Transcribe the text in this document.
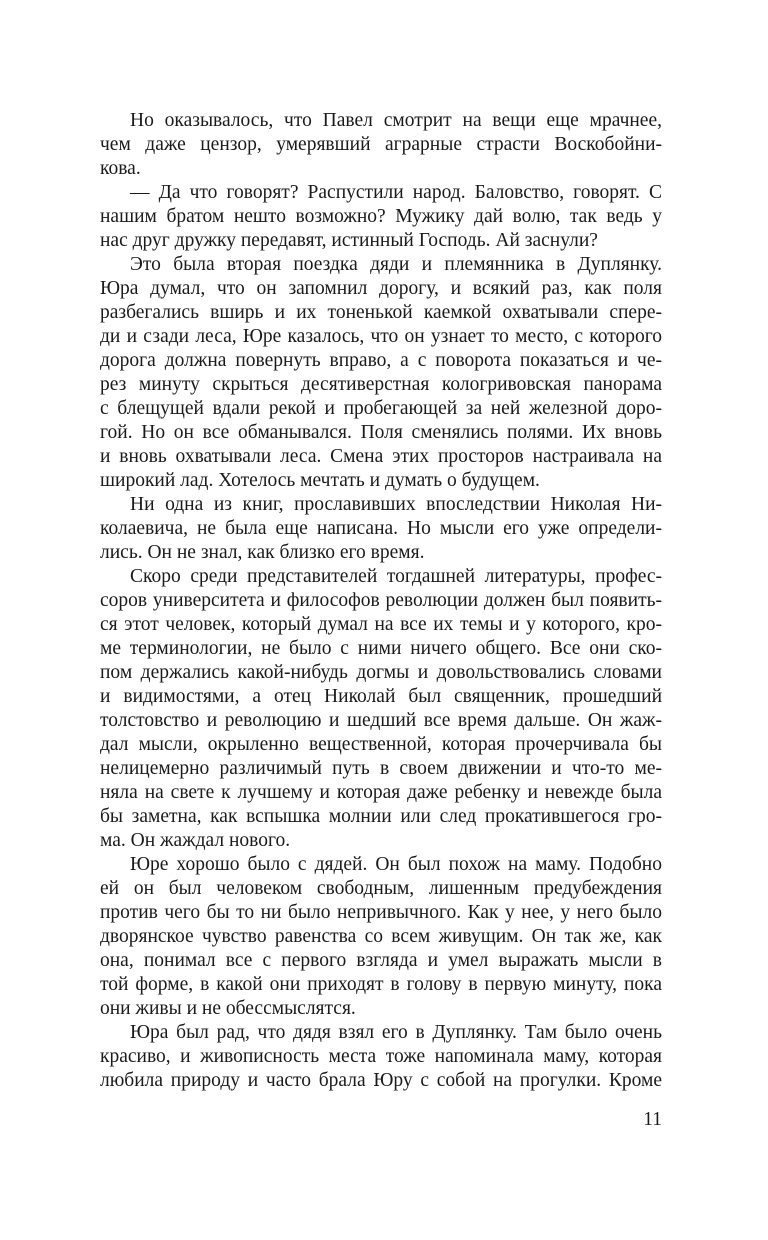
Но оказывалось, что Павел смотрит на вещи еще мрачнее,
чем даже цензор, умерявший аграрные страсти Воскобойни-
кова.
— Да что говорят? Распустили народ. Баловство, говорят. С
нашим братом нешто возможно? Мужику дай волю, так ведь у
нас друг дружку передавят, истинный Господь. Ай заснули?
Это была вторая поездка дяди и племянника в Дуплянку.
Юра думал, что он запомнил дорогу, и всякий раз, как поля
разбегались вширь и их тоненькой каемкой охватывали спере-
ди и сзади леса, Юре казалось, что он узнает то место, с которого
дорога должна повернуть вправо, а с поворота показаться и че-
рез минуту скрыться десятиверстная кологривовская панорама
с блещущей вдали рекой и пробегающей за ней железной доро-
гой. Но он все обманывался. Поля сменялись полями. Их вновь
и вновь охватывали леса. Смена этих просторов настраивала на
широкий лад. Хотелось мечтать и думать о будущем.
Ни одна из книг, прославивших впоследствии Николая Ни-
колаевича, не была еще написана. Но мысли его уже определи-
лись. Он не знал, как близко его время.
Скоро среди представителей тогдашней литературы, профес-
соров университета и философов революции должен был появить-
ся этот человек, который думал на все их темы и у которого, кро-
ме терминологии, не было с ними ничего общего. Все они ско-
пом держались какой-нибудь догмы и довольствовались словами
и видимостями, а отец Николай был священник, прошедший
толстовство и революцию и шедший все время дальше. Он жаж-
дал мысли, окрыленно вещественной, которая прочерчивала бы
нелицемерно различимый путь в своем движении и что-то ме-
няла на свете к лучшему и которая даже ребенку и невежде была
бы заметна, как вспышка молнии или след прокатившегося гро-
ма. Он жаждал нового.
Юре хорошо было с дядей. Он был похож на маму. Подобно
ей он был человеком свободным, лишенным предубеждения
против чего бы то ни было непривычного. Как у нее, у него было
дворянское чувство равенства со всем живущим. Он так же, как
она, понимал все с первого взгляда и умел выражать мысли в
той форме, в какой они приходят в голову в первую минуту, пока
они живы и не обессмыслятся.
Юра был рад, что дядя взял его в Дуплянку. Там было очень
красиво, и живописность места тоже напоминала маму, которая
любила природу и часто брала Юру с собой на прогулки. Кроме
11
